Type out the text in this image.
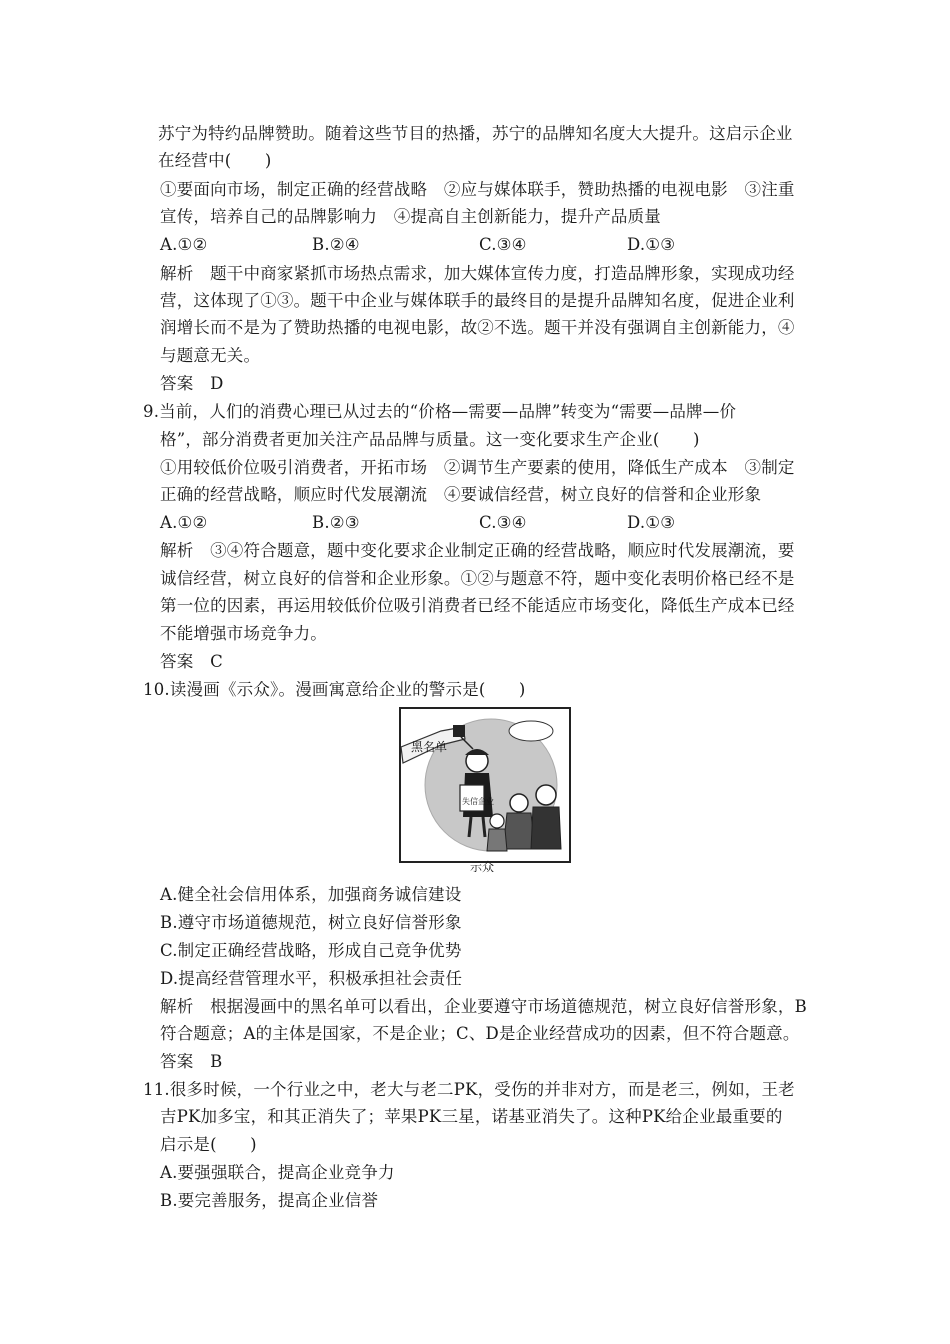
苏宁为特约品牌赞助。随着这些节目的热播，苏宁的品牌知名度大大提升。这启示企业
在经营中(　　)
①要面向市场，制定正确的经营战略　②应与媒体联手，赞助热播的电视电影　③注重
宣传，培养自己的品牌影响力　④提高自主创新能力，提升产品质量
A.①②	B.②④	C.③④	D.①③
解析　题干中商家紧抓市场热点需求，加大媒体宣传力度，打造品牌形象，实现成功经
营，这体现了①③。题干中企业与媒体联手的最终目的是提升品牌知名度，促进企业利
润增长而不是为了赞助热播的电视电影，故②不选。题干并没有强调自主创新能力，④
与题意无关。
答案　D
9.当前，人们的消费心理已从过去的“价格—需要—品牌”转变为“需要—品牌—价
格”，部分消费者更加关注产品品牌与质量。这一变化要求生产企业(　　)
①用较低价位吸引消费者，开拓市场　②调节生产要素的使用，降低生产成本　③制定
正确的经营战略，顺应时代发展潮流　④要诚信经营，树立良好的信誉和企业形象
A.①②	B.②③	C.③④	D.①③
解析　③④符合题意，题中变化要求企业制定正确的经营战略，顺应时代发展潮流，要
诚信经营，树立良好的信誉和企业形象。①②与题意不符，题中变化表明价格已经不是
第一位的因素，再运用较低价位吸引消费者已经不能适应市场变化，降低生产成本已经
不能增强市场竞争力。
答案　C
10.读漫画《示众》。漫画寓意给企业的警示是(　　)
黑名单
失信企业
示众
A.健全社会信用体系，加强商务诚信建设
B.遵守市场道德规范，树立良好信誉形象
C.制定正确经营战略，形成自己竞争优势
D.提高经营管理水平，积极承担社会责任
解析　根据漫画中的黑名单可以看出，企业要遵守市场道德规范，树立良好信誉形象，B
符合题意；A的主体是国家，不是企业；C、D是企业经营成功的因素，但不符合题意。
答案　B
11.很多时候，一个行业之中，老大与老二PK，受伤的并非对方，而是老三，例如，王老
吉PK加多宝，和其正消失了；苹果PK三星，诺基亚消失了。这种PK给企业最重要的
启示是(　　)
A.要强强联合，提高企业竞争力
B.要完善服务，提高企业信誉
